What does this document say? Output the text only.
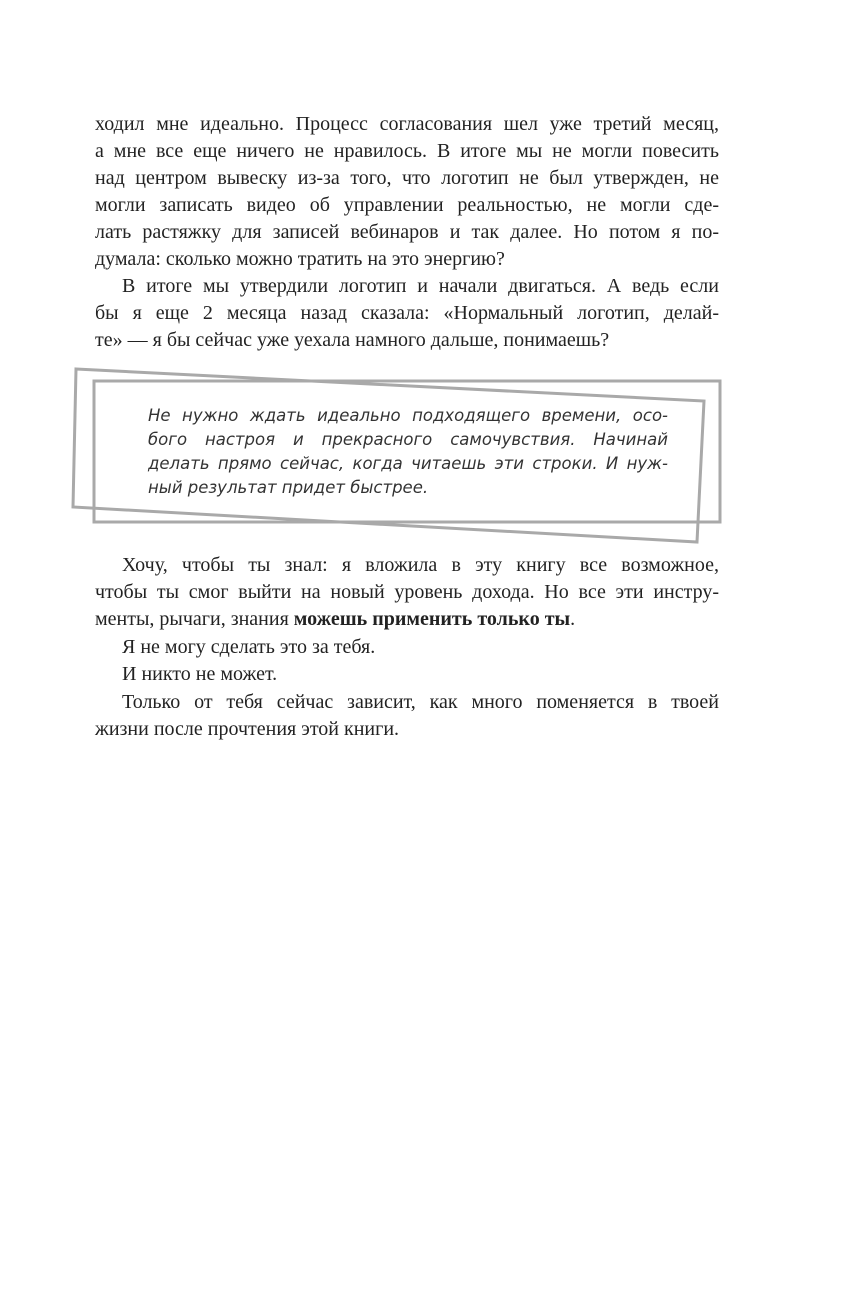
ходил мне идеально. Процесс согласования шел уже третий месяц,
а мне все еще ничего не нравилось. В итоге мы не могли повесить
над центром вывеску из-за того, что логотип не был утвержден, не
могли записать видео об управлении реальностью, не могли сде-
лать растяжку для записей вебинаров и так далее. Но потом я по-
думала: сколько можно тратить на это энергию?
В итоге мы утвердили логотип и начали двигаться. А ведь если
бы я еще 2 месяца назад сказала: «Нормальный логотип, делай-
те» — я бы сейчас уже уехала намного дальше, понимаешь?
Не нужно ждать идеально подходящего времени, осо-
бого настроя и прекрасного самочувствия. Начинай
делать прямо сейчас, когда читаешь эти строки. И нуж-
ный результат придет быстрее.
Хочу, чтобы ты знал: я вложила в эту книгу все возможное,
чтобы ты смог выйти на новый уровень дохода. Но все эти инстру-
менты, рычаги, знания можешь применить только ты.
Я не могу сделать это за тебя.
И никто не может.
Только от тебя сейчас зависит, как много поменяется в твоей
жизни после прочтения этой книги.
